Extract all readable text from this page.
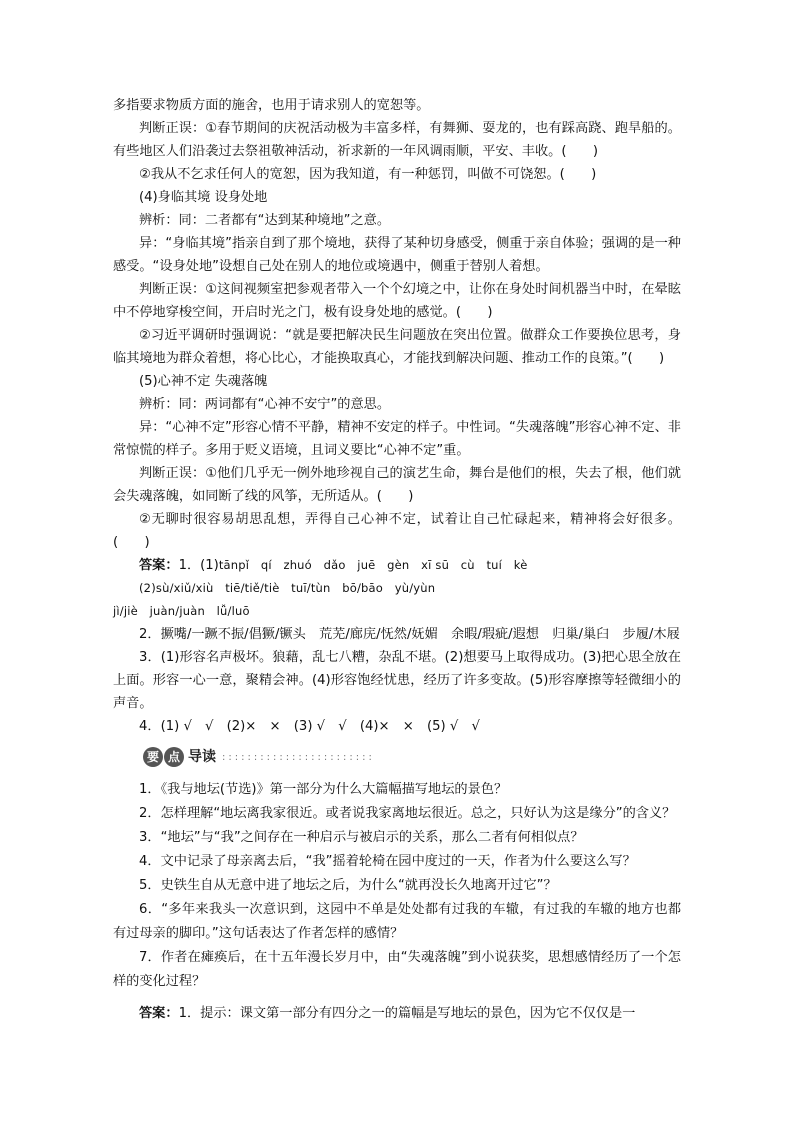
多指要求物质方面的施舍，也用于请求别人的宽恕等。

判断正误：①春节期间的庆祝活动极为丰富多样，有舞狮、耍龙的，也有踩高跷、跑旱船的。有些地区人们沿袭过去祭祖敬神活动，祈求新的一年风调雨顺，平安、丰收。(　　)

②我从不乞求任何人的宽恕，因为我知道，有一种惩罚，叫做不可饶恕。(　　)

(4)身临其境 设身处地

辨析：同：二者都有“达到某种境地”之意。

异：“身临其境”指亲自到了那个境地，获得了某种切身感受，侧重于亲自体验；强调的是一种感受。“设身处地”设想自己处在别人的地位或境遇中，侧重于替别人着想。

判断正误：①这间视频室把参观者带入一个个幻境之中，让你在身处时间机器当中时，在晕眩中不停地穿梭空间，开启时光之门，极有设身处地的感觉。(　　)

②习近平调研时强调说：“就是要把解决民生问题放在突出位置。做群众工作要换位思考，身临其境地为群众着想，将心比心，才能换取真心，才能找到解决问题、推动工作的良策。”(　　)

(5)心神不定 失魂落魄

辨析：同：两词都有“心神不安宁”的意思。

异：“心神不定”形容心情不平静，精神不安定的样子。中性词。“失魂落魄”形容心神不定、非常惊慌的样子。多用于贬义语境，且词义要比“心神不定”重。

判断正误：①他们几乎无一例外地珍视自己的演艺生命，舞台是他们的根，失去了根，他们就会失魂落魄，如同断了线的风筝，无所适从。(　　)

②无聊时很容易胡思乱想，弄得自己心神不定，试着让自己忙碌起来，精神将会好很多。(　　)

答案：1．(1)tānpǐ　qí　zhuó　dǎo　juē　gèn　xī sū　cù　tuí　kè

(2)sù/xiǔ/xiù　tiē/tiě/tiè　tuī/tùn　bō/bāo　yù/yùn

jì/jiè　juàn/juàn　lǚ/luō

2．撅嘴/一蹶不振/倡獗/镢头　荒芜/廊庑/怃然/妩媚　余暇/瑕疵/遐想　归巢/巢臼　步履/木屐

3．(1)形容名声极坏。狼藉，乱七八糟，杂乱不堪。(2)想要马上取得成功。(3)把心思全放在上面。形容一心一意，聚精会神。(4)形容饱经忧患，经历了许多变故。(5)形容摩擦等轻微细小的声音。

4．(1) √　√　(2)×　×　(3) √　√　(4)×　×　(5) √　√

要 点 导读 ::::::::::::::::::::::::

1．《我与地坛(节选)》第一部分为什么大篇幅描写地坛的景色？

2．怎样理解“地坛离我家很近。或者说我家离地坛很近。总之，只好认为这是缘分”的含义？

3．“地坛”与“我”之间存在一种启示与被启示的关系，那么二者有何相似点？

4．文中记录了母亲离去后，“我”摇着轮椅在园中度过的一天，作者为什么要这么写？

5．史铁生自从无意中进了地坛之后，为什么“就再没长久地离开过它”？

6．“多年来我头一次意识到，这园中不单是处处都有过我的车辙，有过我的车辙的地方也都有过母亲的脚印。”这句话表达了作者怎样的感情？

7．作者在瘫痪后，在十五年漫长岁月中，由“失魂落魄”到小说获奖，思想感情经历了一个怎样的变化过程？

答案：1．提示：课文第一部分有四分之一的篇幅是写地坛的景色，因为它不仅仅是一
